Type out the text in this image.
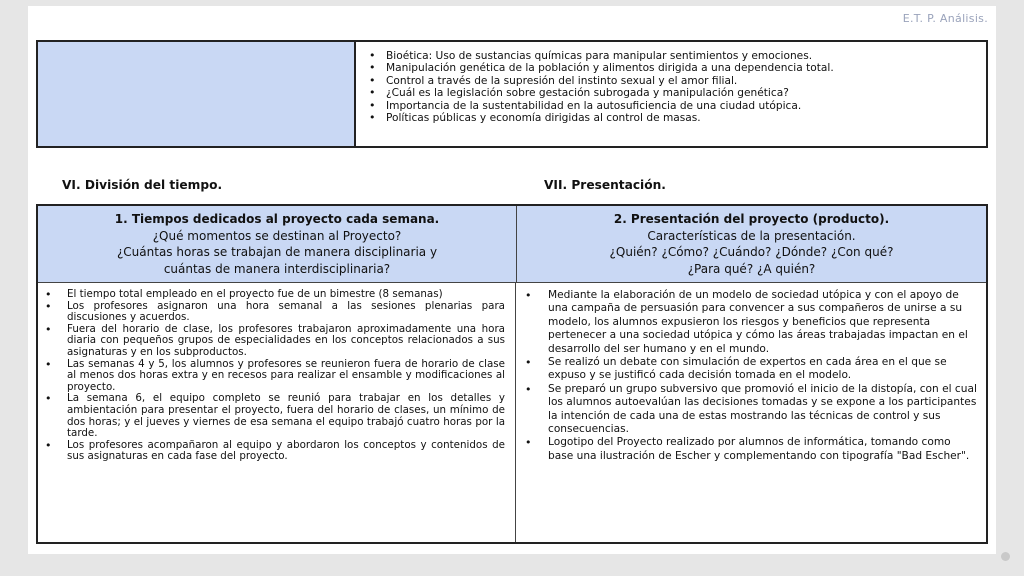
E.T. P. Análisis.
• Bioética: Uso de sustancias químicas para manipular sentimientos y emociones.
• Manipulación genética de la población y alimentos dirigida a una dependencia total.
• Control a través de la supresión del instinto sexual y el amor filial.
• ¿Cuál es la legislación sobre gestación subrogada y manipulación genética?
• Importancia de la sustentabilidad en la autosuficiencia de una ciudad utópica.
• Políticas públicas y economía dirigidas al control de masas.
VI. División del tiempo.	VII. Presentación.
1. Tiempos dedicados al proyecto cada semana.
¿Qué momentos se destinan al Proyecto?
¿Cuántas horas se trabajan de manera disciplinaria y
cuántas de manera interdisciplinaria?
2. Presentación del proyecto (producto).
Características de la presentación.
¿Quién? ¿Cómo? ¿Cuándo? ¿Dónde? ¿Con qué?
¿Para qué? ¿A quién?
• El tiempo total empleado en el proyecto fue de un bimestre (8 semanas)
• Los profesores asignaron una hora semanal a las sesiones plenarias para discusiones y acuerdos.
• Fuera del horario de clase, los profesores trabajaron aproximadamente una hora diaria con pequeños grupos de especialidades en los conceptos relacionados a sus asignaturas y en los subproductos.
• Las semanas 4 y 5, los alumnos y profesores se reunieron fuera de horario de clase al menos dos horas extra y en recesos para realizar el ensamble y modificaciones al proyecto.
• La semana 6, el equipo completo se reunió para trabajar en los detalles y ambientación para presentar el proyecto, fuera del horario de clases, un mínimo de dos horas; y el jueves y viernes de esa semana el equipo trabajó cuatro horas por la tarde.
• Los profesores acompañaron al equipo y abordaron los conceptos y contenidos de sus asignaturas en cada fase del proyecto.
• Mediante la elaboración de un modelo de sociedad utópica y con el apoyo de una campaña de persuasión para convencer a sus compañeros de unirse a su modelo, los alumnos expusieron los riesgos y beneficios que representa pertenecer a una sociedad utópica y cómo las áreas trabajadas impactan en el desarrollo del ser humano y en el mundo.
• Se realizó un debate con simulación de expertos en cada área en el que se expuso y se justificó cada decisión tomada en el modelo.
• Se preparó un grupo subversivo que promovió el inicio de la distopía, con el cual los alumnos autoevalúan las decisiones tomadas y se expone a los participantes la intención de cada una de estas mostrando las técnicas de control y sus consecuencias.
• Logotipo del Proyecto realizado por alumnos de informática, tomando como base una ilustración de Escher y complementando con tipografía "Bad Escher".
